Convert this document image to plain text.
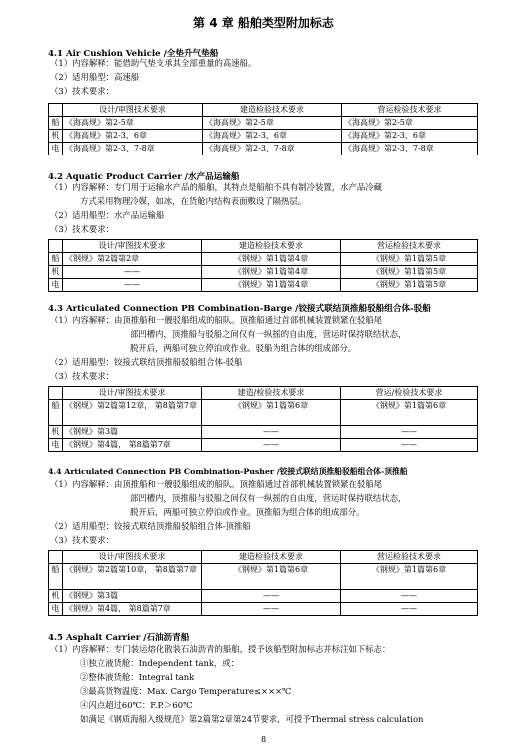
第 4 章 船舶类型附加标志
4.1 Air Cushion Vehicle /全垫升气垫船
（1）内容解释：能借助气垫支承其全部重量的高速船。
（2）适用船型：高速船
（3）技术要求：
	设计/审图技术要求	建造检验技术要求	营运检验技术要求
船	《海高规》第2-5章	《海高规》第2-5章	《海高规》第2-5章
机	《海高规》第2-3、6章	《海高规》第2-3、6章	《海高规》第2-3、6章
电	《海高规》第2-3、7-8章	《海高规》第2-3、7-8章	《海高规》第2-3、7-8章
4.2 Aquatic Product Carrier /水产品运输船
（1）内容解释：专门用于运输水产品的船舶，其特点是船舶不具有制冷装置，水产品冷藏
方式采用物理冷媒，如冰，在货舱内结构表面敷设了隔热层。
（2）适用船型：水产品运输船
（3）技术要求：
	设计/审图技术要求	建造检验技术要求	营运检验技术要求
船	《钢规》第2篇第2章	《钢规》第1篇第4章	《钢规》第1篇第5章
机	——	《钢规》第1篇第4章	《钢规》第1篇第5章
电	——	《钢规》第1篇第4章	《钢规》第1篇第5章
4.3 Articulated Connection PB Combination-Barge /铰接式联结顶推船驳船组合体-驳船
（1）内容解释：由顶推船和一艘驳船组成的船队。顶推船通过首部机械装置锁紧在驳船尾
部凹槽内，顶推船与驳船之间仅有一纵摇的自由度，营运时保持联结状态，
脱开后，两船可独立停泊或作业。驳船为组合体的组成部分。
（2）适用船型：铰接式联结顶推船驳船组合体-驳船
（3）技术要求：
	设计/审图技术要求	建造/检验技术要求	营运/检验技术要求
船	《钢规》第2篇第12章， 第8篇第7章	《钢规》第1篇第6章	《钢规》第1篇第6章
机	《钢规》第3篇	——	——
电	《钢规》第4篇， 第8篇第7章	——	——
4.4 Articulated Connection PB Combination-Pusher /铰接式联结顶推船驳船组合体-顶推船
（1）内容解释：由顶推船和一艘驳船组成的船队。顶推船通过首部机械装置锁紧在驳船尾
部凹槽内，顶推船与驳船之间仅有一纵摇的自由度，营运时保持联结状态，
脱开后，两船可独立停泊或作业。顶推船为组合体的组成部分。
（2）适用船型：铰接式联结顶推船驳船组合体-顶推船
（3）技术要求：
	设计/审图技术要求	建造检验技术要求	营运检验技术要求
船	《钢规》第2篇第10章， 第8篇第7章	《钢规》第1篇第6章	《钢规》第1篇第6章
机	《钢规》第3篇	——	——
电	《钢规》第4篇， 第8篇第7章	——	——
4.5 Asphalt Carrier /石油沥青船
（1）内容解释：专门装运熔化散装石油沥青的船舶，授予该船型附加标志并标注如下标志：
①独立液货舱：Independent tank，或：
②整体液货舱：Integral tank
③最高货物温度：Max. Cargo Temperature≤×××℃
④闪点超过60℃：F.P.＞60℃
如满足《钢质海船入级规范》第2篇第2章第24节要求，可授予Thermal stress calculation
8
